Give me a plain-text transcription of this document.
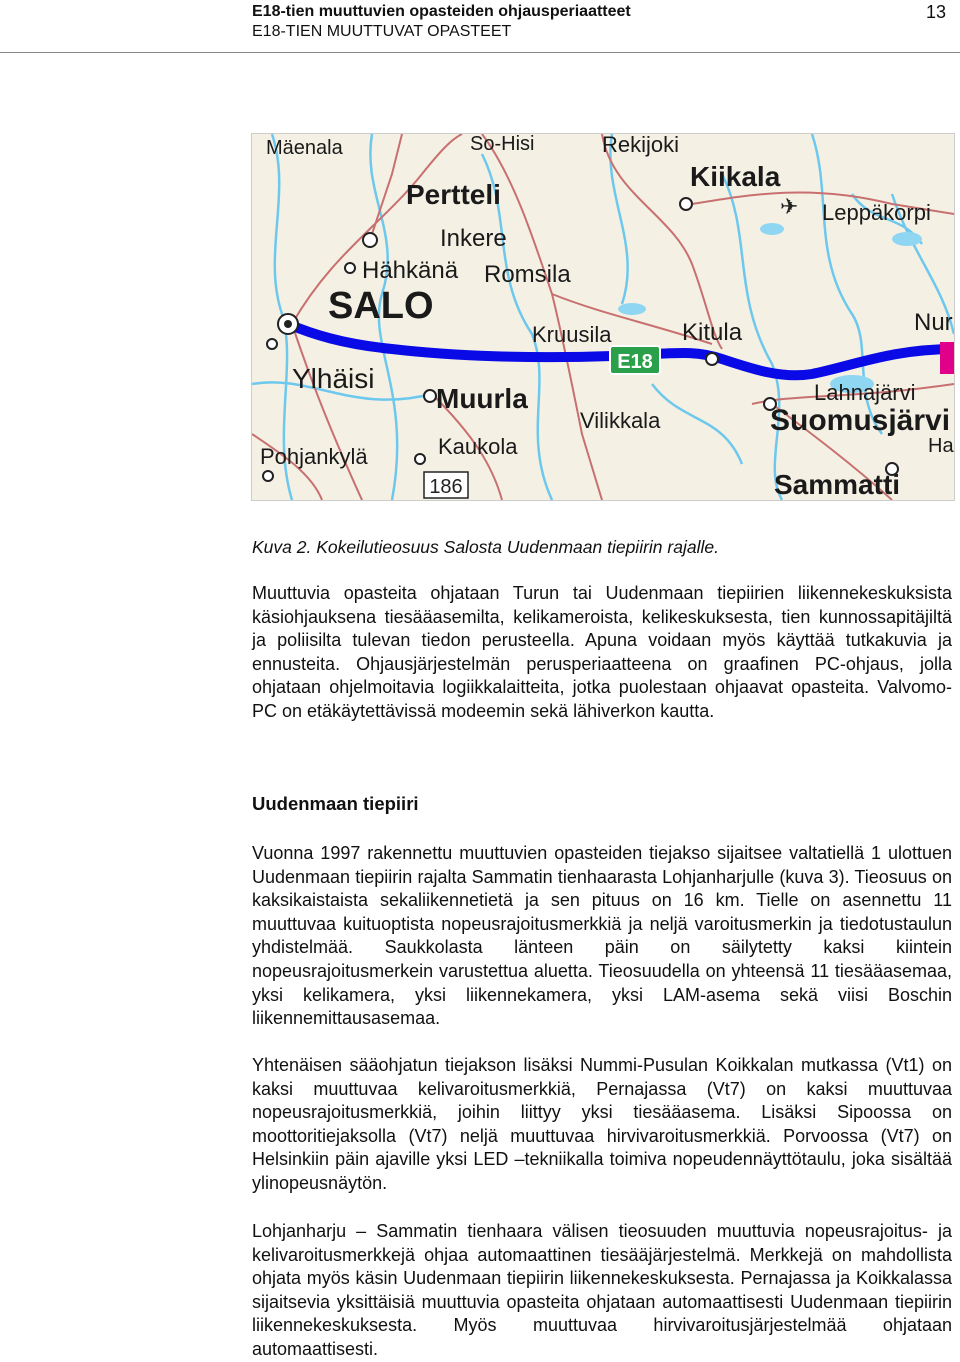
E18-tien muuttuvien opasteiden ohjausperiaatteet
E18-TIEN MUUTTUVAT OPASTEET
13
E18
186
✈
Mäenala	So-Hisi	Rekijoki
Kiikala
Leppäkorpi
Pertteli
Inkere
Hähkänä Romsila
SALO
Kruusila	Kitula	Nur
Ylhäisi
Muurla
Vilikkala
Lahnajärvi
Suomusjärvi
Ha
Pohjankylä	Kaukola
Sammatti
Kuva 2. Kokeilutieosuus Salosta Uudenmaan tiepiirin rajalle.
Muuttuvia opasteita ohjataan Turun tai Uudenmaan tiepiirien liikennekeskuksista käsiohjauksena tiesääasemilta, kelikameroista, kelikeskuksesta, tien kunnossapitäjiltä ja poliisilta tulevan tiedon perusteella. Apuna voidaan myös käyttää tutkakuvia ja ennusteita. Ohjausjärjestelmän perusperiaatteena on graafinen PC-ohjaus, jolla ohjataan ohjelmoitavia logiikkalaitteita, jotka puolestaan ohjaavat opasteita. Valvomo-PC on etäkäytettävissä modeemin sekä lähiverkon kautta.
Uudenmaan tiepiiri
Vuonna 1997 rakennettu muuttuvien opasteiden tiejakso sijaitsee valtatiellä 1 ulottuen Uudenmaan tiepiirin rajalta Sammatin tienhaarasta Lohjanharjulle (kuva 3). Tieosuus on kaksikaistaista sekaliikennetietä ja sen pituus on 16 km. Tielle on asennettu 11 muuttuvaa kuituoptista nopeusrajoitusmerkkiä ja neljä varoitusmerkin ja tiedotustaulun yhdistelmää. Saukkolasta länteen päin on säilytetty kaksi kiintein nopeusrajoitusmerkein varustettua aluetta. Tieosuudella on yhteensä 11 tiesääasemaa, yksi kelikamera, yksi liikennekamera, yksi LAM-asema sekä viisi Boschin liikennemittausasemaa.
Yhtenäisen sääohjatun tiejakson lisäksi Nummi-Pusulan Koikkalan mutkassa (Vt1) on kaksi muuttuvaa kelivaroitusmerkkiä, Pernajassa (Vt7) on kaksi muuttuvaa nopeusrajoitusmerkkiä, joihin liittyy yksi tiesääasema. Lisäksi Sipoossa on moottoritiejaksolla (Vt7) neljä muuttuvaa hirvivaroitusmerkkiä. Porvoossa (Vt7) on Helsinkiin päin ajaville yksi LED –tekniikalla toimiva nopeudennäyttötaulu, joka sisältää ylinopeusnäytön.
Lohjanharju – Sammatin tienhaara välisen tieosuuden muuttuvia nopeusrajoitus- ja kelivaroitusmerkkejä ohjaa automaattinen tiesääjärjestelmä. Merkkejä on mahdollista ohjata myös käsin Uudenmaan tiepiirin liikennekeskuksesta. Pernajassa ja Koikkalassa sijaitsevia yksittäisiä muuttuvia opasteita ohjataan automaattisesti Uudenmaan tiepiirin liikennekeskuksesta. Myös muuttuvaa hirvivaroitusjärjestelmää ohjataan automaattisesti.
